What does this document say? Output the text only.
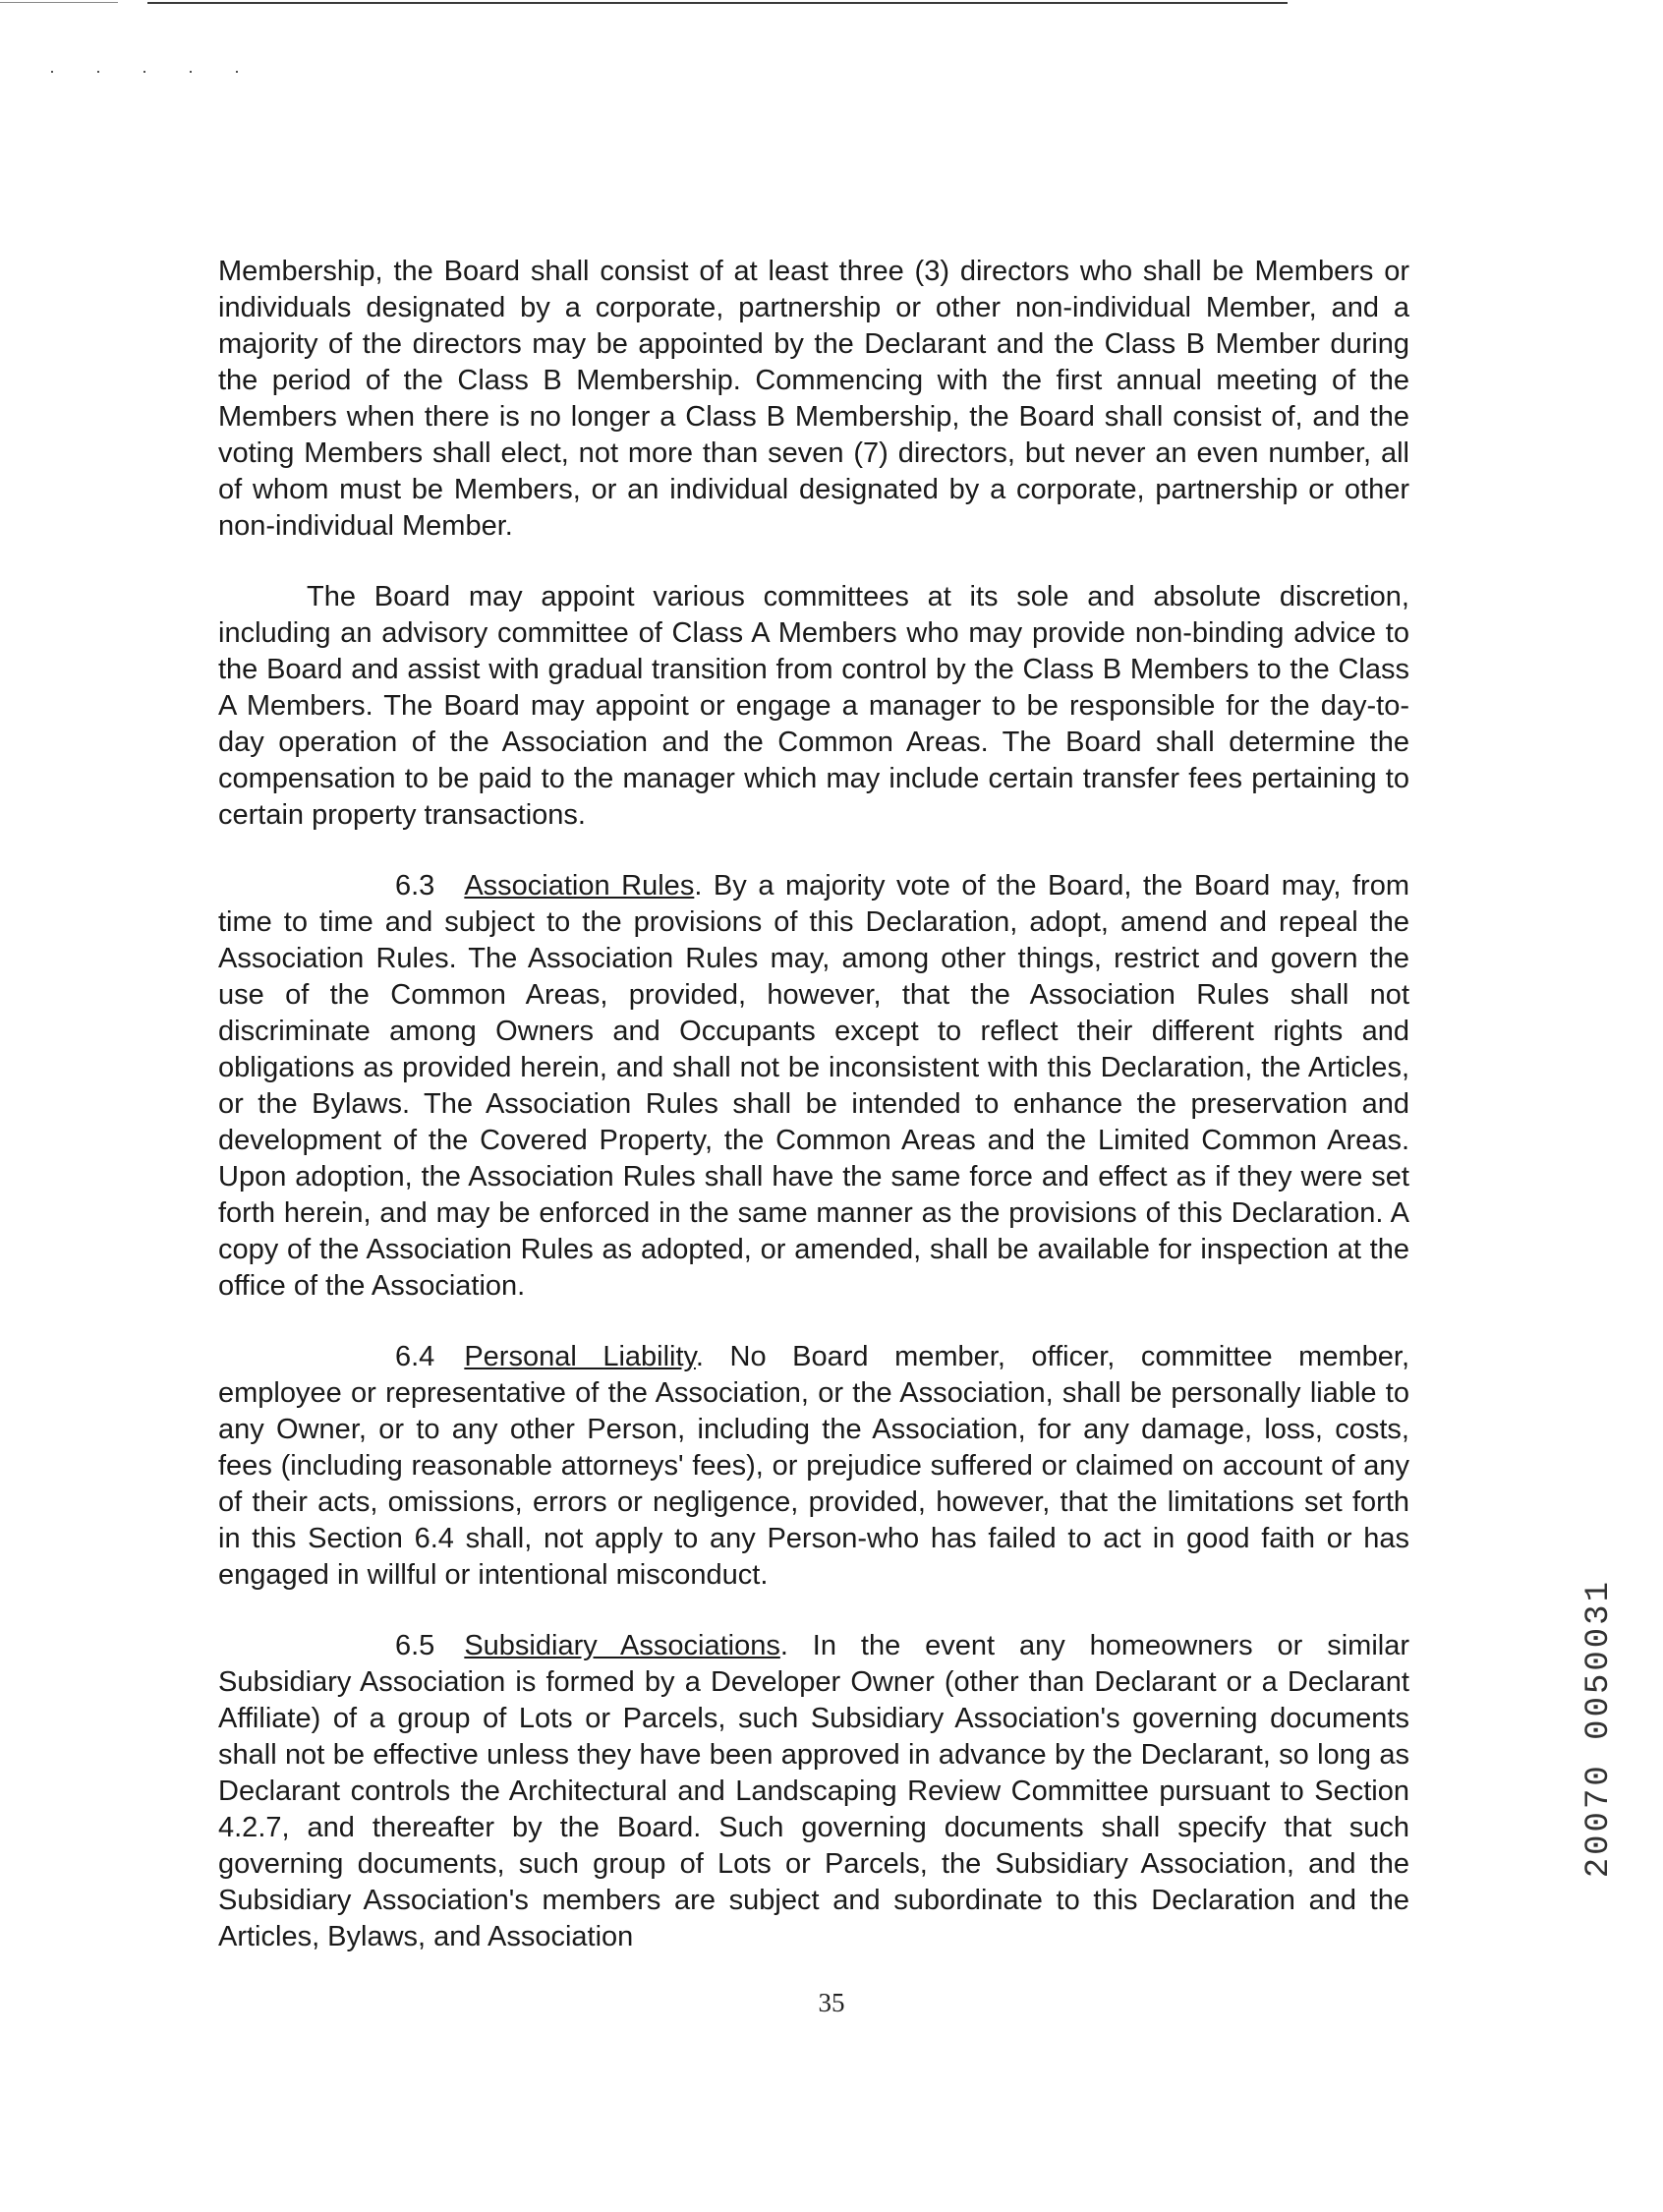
· · · · ·

Membership, the Board shall consist of at least three (3) directors who shall be Members or individuals designated by a corporate, partnership or other non-individual Member, and a majority of the directors may be appointed by the Declarant and the Class B Member during the period of the Class B Membership. Commencing with the first annual meeting of the Members when there is no longer a Class B Membership, the Board shall consist of, and the voting Members shall elect, not more than seven (7) directors, but never an even number, all of whom must be Members, or an individual designated by a corporate, partnership or other non-individual Member.

The Board may appoint various committees at its sole and absolute discretion, including an advisory committee of Class A Members who may provide non-binding advice to the Board and assist with gradual transition from control by the Class B Members to the Class A Members. The Board may appoint or engage a manager to be responsible for the day-to-day operation of the Association and the Common Areas. The Board shall determine the compensation to be paid to the manager which may include certain transfer fees pertaining to certain property transactions.

6.3 Association Rules. By a majority vote of the Board, the Board may, from time to time and subject to the provisions of this Declaration, adopt, amend and repeal the Association Rules. The Association Rules may, among other things, restrict and govern the use of the Common Areas, provided, however, that the Association Rules shall not discriminate among Owners and Occupants except to reflect their different rights and obligations as provided herein, and shall not be inconsistent with this Declaration, the Articles, or the Bylaws. The Association Rules shall be intended to enhance the preservation and development of the Covered Property, the Common Areas and the Limited Common Areas. Upon adoption, the Association Rules shall have the same force and effect as if they were set forth herein, and may be enforced in the same manner as the provisions of this Declaration. A copy of the Association Rules as adopted, or amended, shall be available for inspection at the office of the Association.

6.4 Personal Liability. No Board member, officer, committee member, employee or representative of the Association, or the Association, shall be personally liable to any Owner, or to any other Person, including the Association, for any damage, loss, costs, fees (including reasonable attorneys' fees), or prejudice suffered or claimed on account of any of their acts, omissions, errors or negligence, provided, however, that the limitations set forth in this Section 6.4 shall, not apply to any Person-who has failed to act in good faith or has engaged in willful or intentional misconduct.

6.5 Subsidiary Associations. In the event any homeowners or similar Subsidiary Association is formed by a Developer Owner (other than Declarant or a Declarant Affiliate) of a group of Lots or Parcels, such Subsidiary Association's governing documents shall not be effective unless they have been approved in advance by the Declarant, so long as Declarant controls the Architectural and Landscaping Review Committee pursuant to Section 4.2.7, and thereafter by the Board. Such governing documents shall specify that such governing documents, such group of Lots or Parcels, the Subsidiary Association, and the Subsidiary Association's members are subject and subordinate to this Declaration and the Articles, Bylaws, and Association

35
20070 0050031
